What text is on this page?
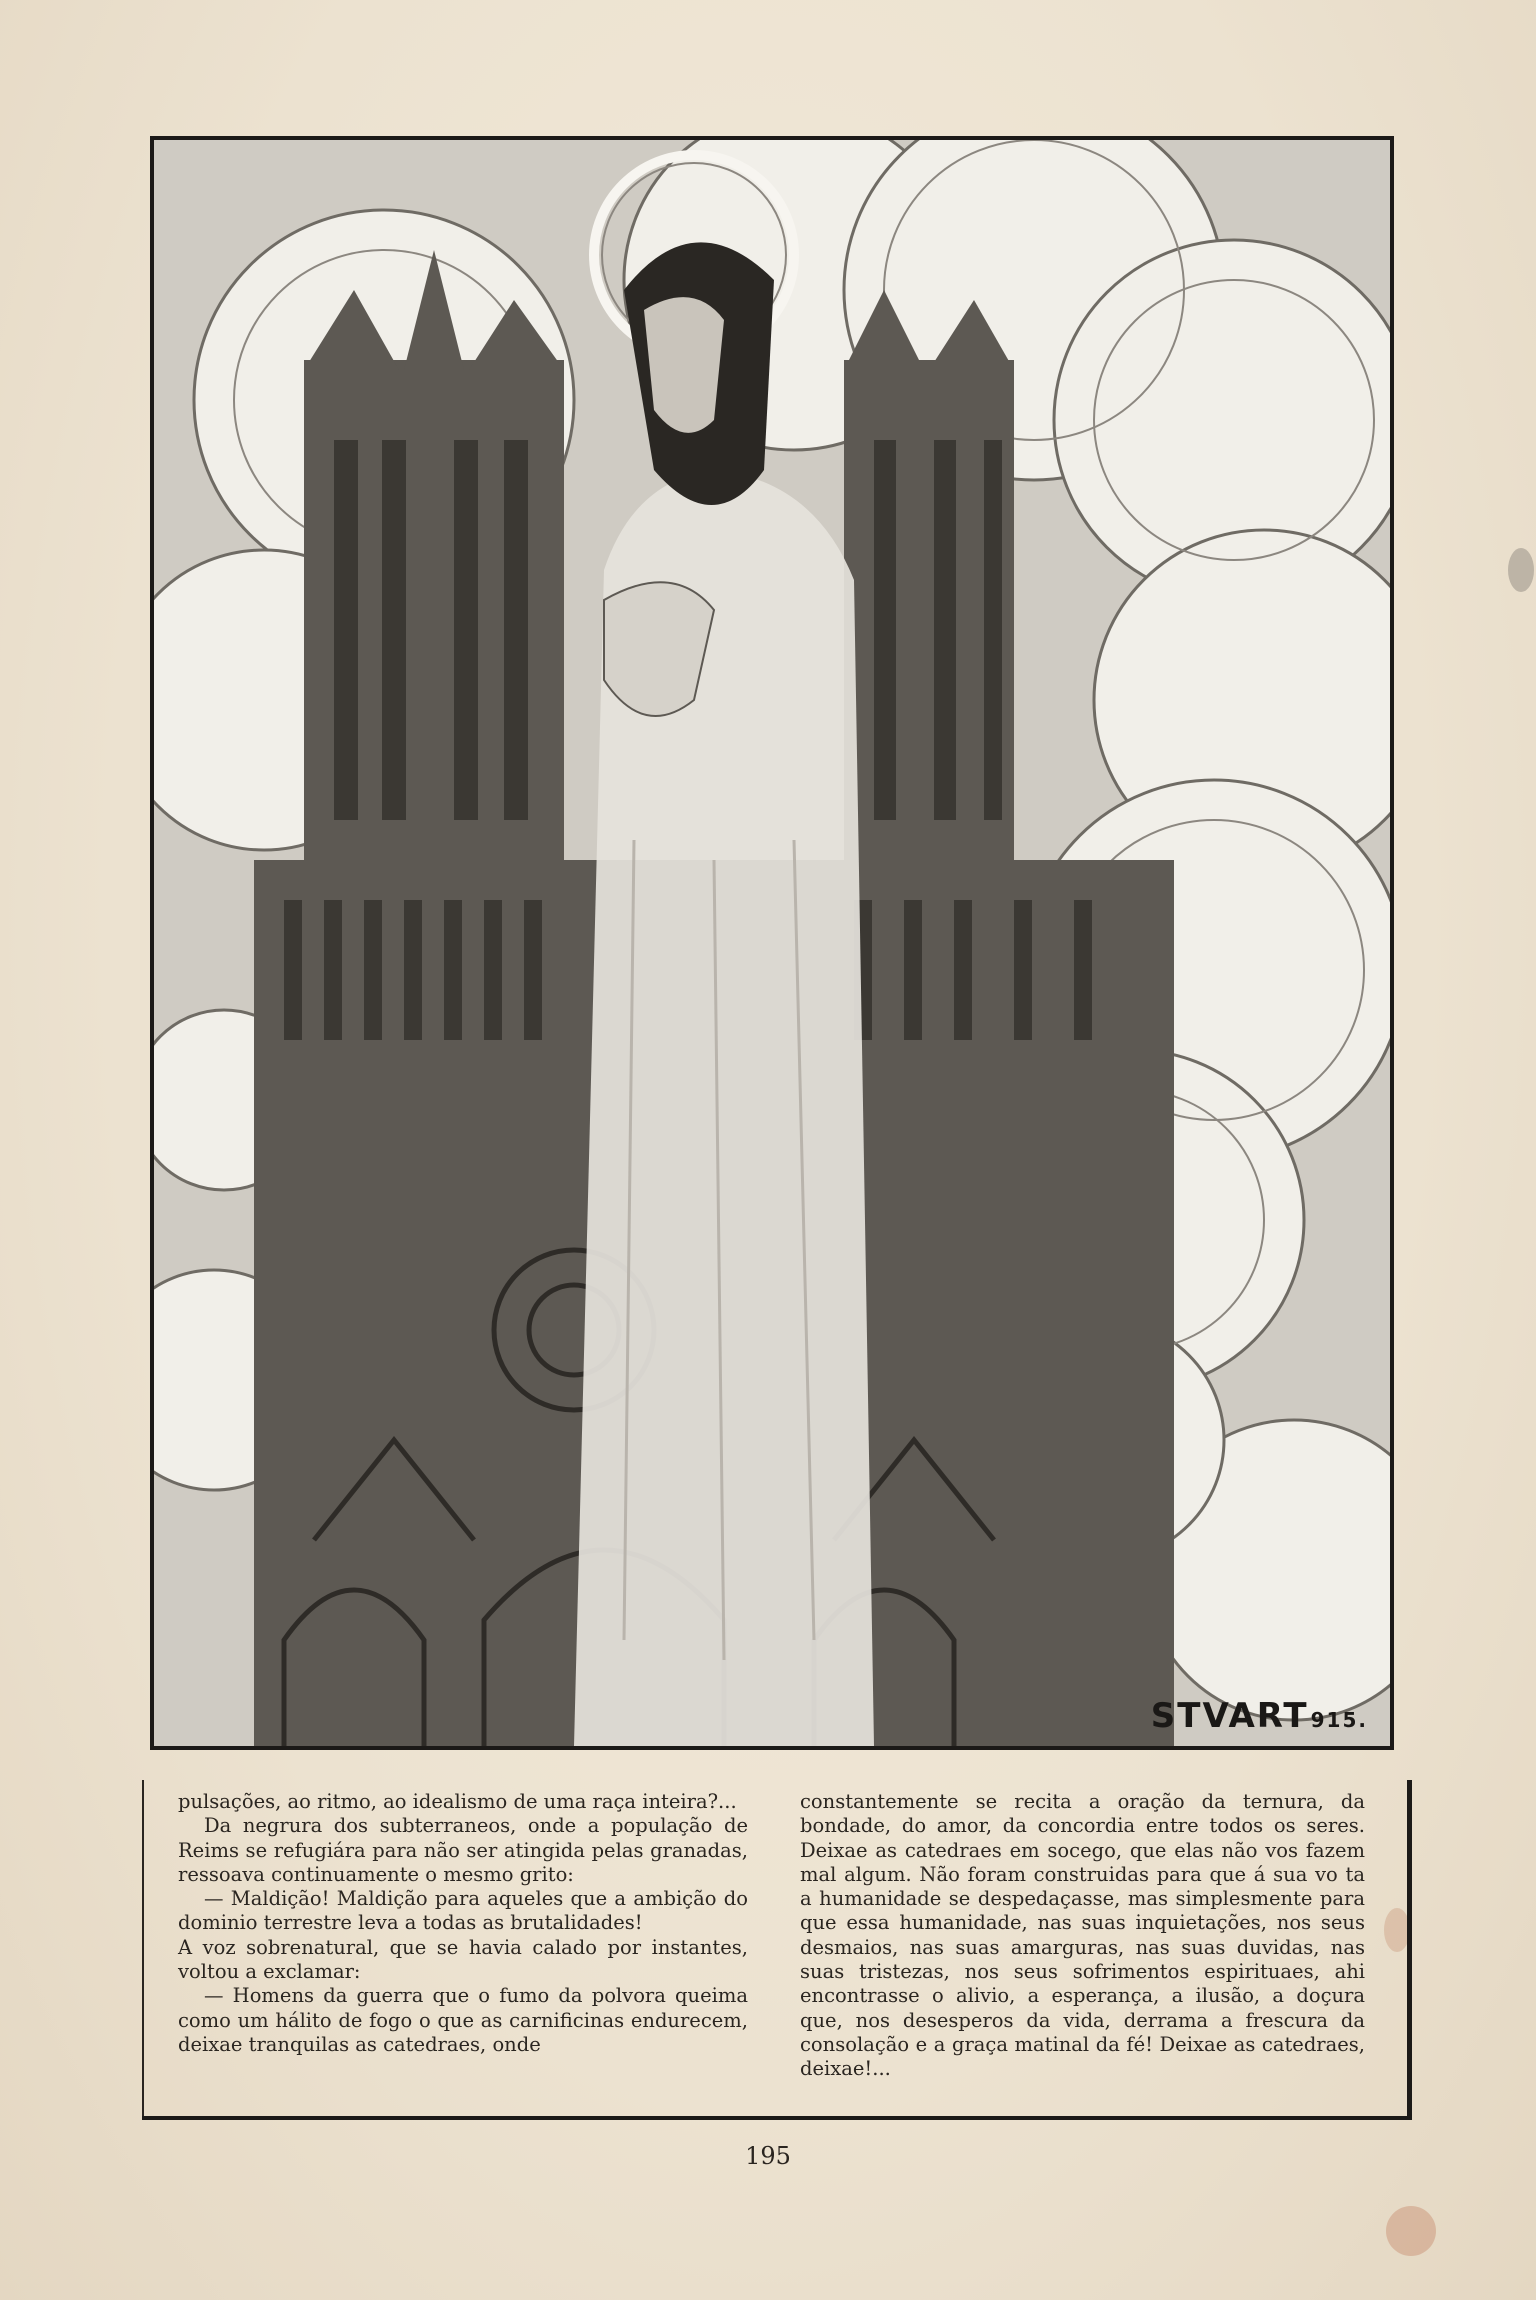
STVART 915.

pulsações, ao ritmo, ao idealismo de uma raça inteira?...

Da negrura dos subterraneos, onde a população de Reims se refugiára para não ser atingida pelas granadas, ressoava continuamente o mesmo grito:

— Maldição! Maldição para aqueles que a ambição do dominio terrestre leva a todas as brutalidades!

A voz sobrenatural, que se havia calado por instantes, voltou a exclamar:

— Homens da guerra que o fumo da polvora queima como um hálito de fogo o que as carnificinas endurecem, deixae tranquilas as catedraes, onde

constantemente se recita a oração da ternura, da bondade, do amor, da concordia entre todos os seres. Deixae as catedraes em socego, que elas não vos fazem mal algum. Não foram construidas para que á sua vo ta a humanidade se despedaçasse, mas simplesmente para que essa humanidade, nas suas inquietações, nos seus desmaios, nas suas amarguras, nas suas duvidas, nas suas tristezas, nos seus sofrimentos espirituaes, ahi encontrasse o alivio, a esperança, a ilusão, a doçura que, nos desesperos da vida, derrama a frescura da consolação e a graça matinal da fé! Deixae as catedraes, deixae!...

195
